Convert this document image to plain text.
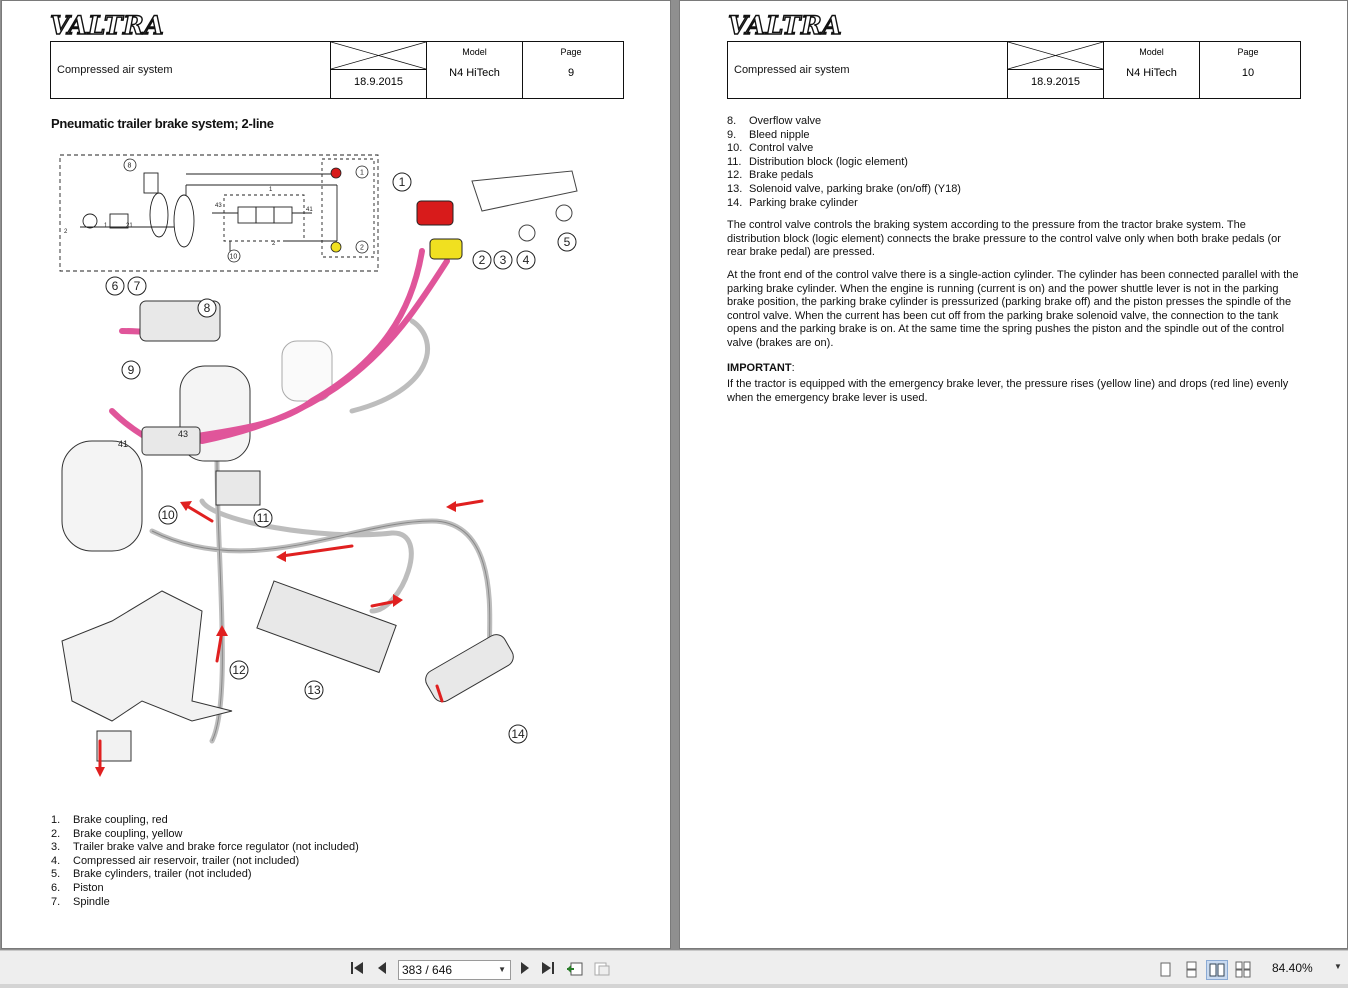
VALTRA
Compressed air system
18.9.2015
Model
N4 HiTech
Page
9
Pneumatic trailer brake system; 2-line
8
10
1
2
43
41
21
1
2
1
2
1
2 3 4
5
6 7
8
9
10	11
12
13
14
41
43
1.	Brake coupling, red
2.	Brake coupling, yellow
3.	Trailer brake valve and brake force regulator (not included)
4.	Compressed air reservoir, trailer (not included)
5.	Brake cylinders, trailer (not included)
6.	Piston
7.	Spindle
VALTRA
Compressed air system
18.9.2015
Model
N4 HiTech
Page
10
8.	Overflow valve
9.	Bleed nipple
10. Control valve
11. Distribution block (logic element)
12. Brake pedals
13. Solenoid valve, parking brake (on/off) (Y18)
14. Parking brake cylinder

The control valve controls the braking system according to the pressure from the tractor brake system. The distribution block (logic element) connects the brake pressure to the control valve only when both brake pedals (or rear brake pedal) are pressed.

At the front end of the control valve there is a single-action cylinder. The cylinder has been connected parallel with the parking brake cylinder. When the engine is running (current is on) and the power shuttle lever is not in the parking brake position, the parking brake cylinder is pressurized (parking brake off) and the piston presses the spindle of the control valve. When the current has been cut off from the parking brake solenoid valve, the connection to the tank opens and the parking brake is on. At the same time the spring pushes the piston and the spindle out of the control valve (brakes are on).

IMPORTANT:

If the tractor is equipped with the emergency brake lever, the pressure rises (yellow line) and drops (red line) evenly when the emergency brake lever is used.

383 / 646	▼	84.40%	▼
